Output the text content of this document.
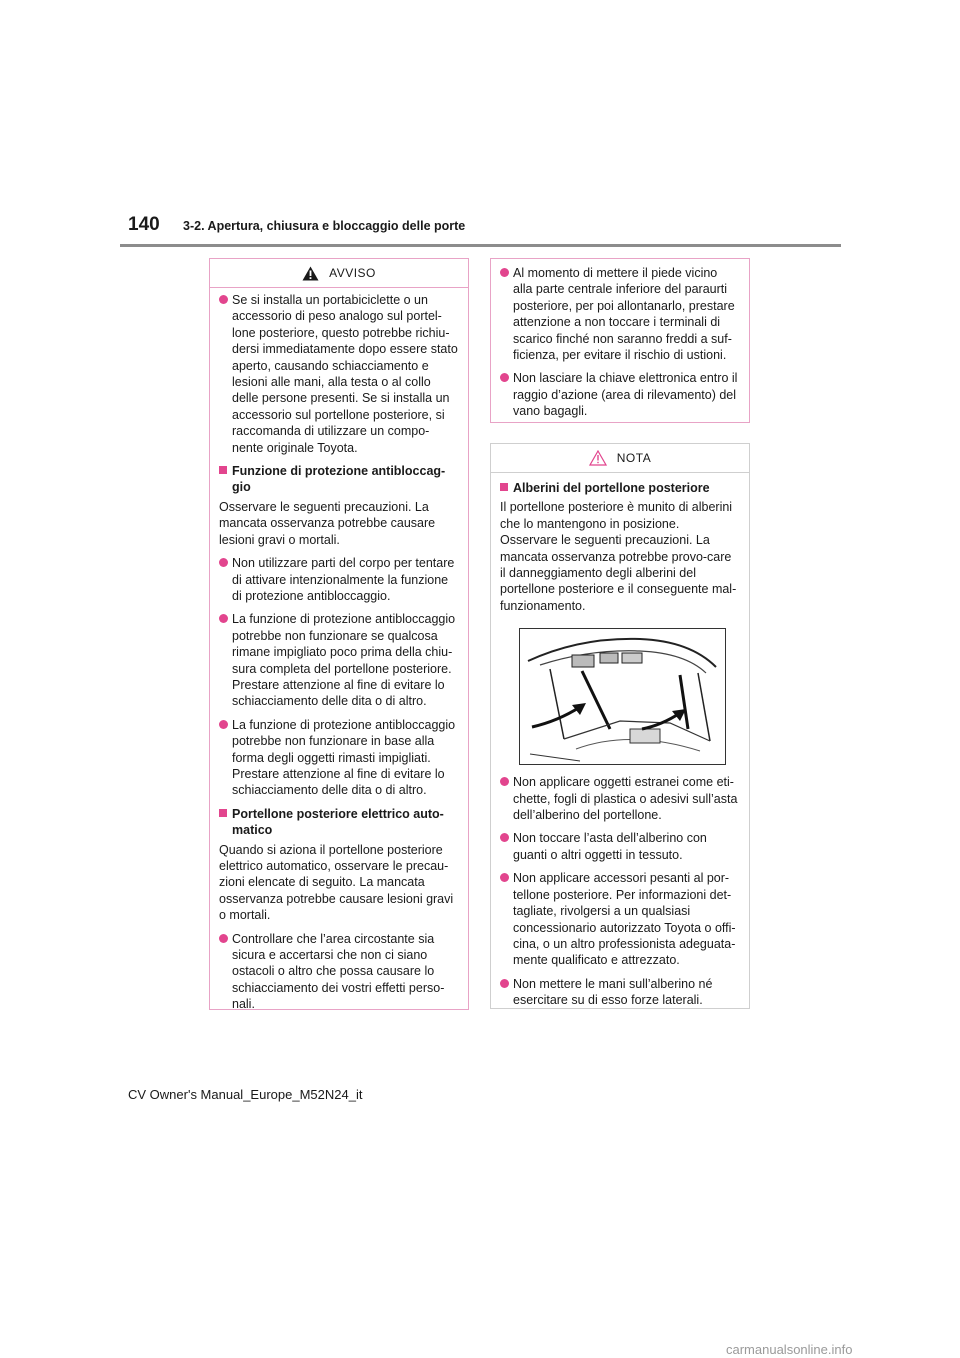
140 3-2. Apertura, chiusura e bloccaggio delle porte
AVVISO

Se si installa un portabiciclette o un accessorio di peso analogo sul portel-lone posteriore, questo potrebbe richiu-dersi immediatamente dopo essere stato aperto, causando schiacciamento e lesioni alle mani, alla testa o al collo delle persone presenti. Se si installa un accessorio sul portellone posteriore, si raccomanda di utilizzare un compo-nente originale Toyota.

Funzione di protezione antibloccag-gio

Osservare le seguenti precauzioni. La mancata osservanza potrebbe causare lesioni gravi o mortali.

Non utilizzare parti del corpo per tentare di attivare intenzionalmente la funzione di protezione antibloccaggio.

La funzione di protezione antibloccaggio potrebbe non funzionare se qualcosa rimane impigliato poco prima della chiu-sura completa del portellone posteriore. Prestare attenzione al fine di evitare lo schiacciamento delle dita o di altro.

La funzione di protezione antibloccaggio potrebbe non funzionare in base alla forma degli oggetti rimasti impigliati. Prestare attenzione al fine di evitare lo schiacciamento delle dita o di altro.

Portellone posteriore elettrico auto-matico

Quando si aziona il portellone posteriore elettrico automatico, osservare le precau-zioni elencate di seguito. La mancata osservanza potrebbe causare lesioni gravi o mortali.

Controllare che l’area circostante sia sicura e accertarsi che non ci siano ostacoli o altro che possa causare lo schiacciamento dei vostri effetti perso-nali.

Al momento di mettere il piede vicino alla parte centrale inferiore del paraurti posteriore, per poi allontanarlo, prestare attenzione a non toccare i terminali di scarico finché non saranno freddi a suf-ficienza, per evitare il rischio di ustioni.

Non lasciare la chiave elettronica entro il raggio d’azione (area di rilevamento) del vano bagagli.

NOTA

Alberini del portellone posteriore

Il portellone posteriore è munito di alberini che lo mantengono in posizione. Osservare le seguenti precauzioni. La mancata osservanza potrebbe provo-care il danneggiamento degli alberini del portellone posteriore e il conseguente mal-funzionamento.

Non applicare oggetti estranei come eti-chette, fogli di plastica o adesivi sull’asta dell’alberino del portellone.

Non toccare l’asta dell’alberino con guanti o altri oggetti in tessuto.

Non applicare accessori pesanti al por-tellone posteriore. Per informazioni det-tagliate, rivolgersi a un qualsiasi concessionario autorizzato Toyota o offi-cina, o un altro professionista adeguata-mente qualificato e attrezzato.

Non mettere le mani sull’alberino né esercitare su di esso forze laterali.

CV Owner's Manual_Europe_M52N24_it
carmanualsonline.info
